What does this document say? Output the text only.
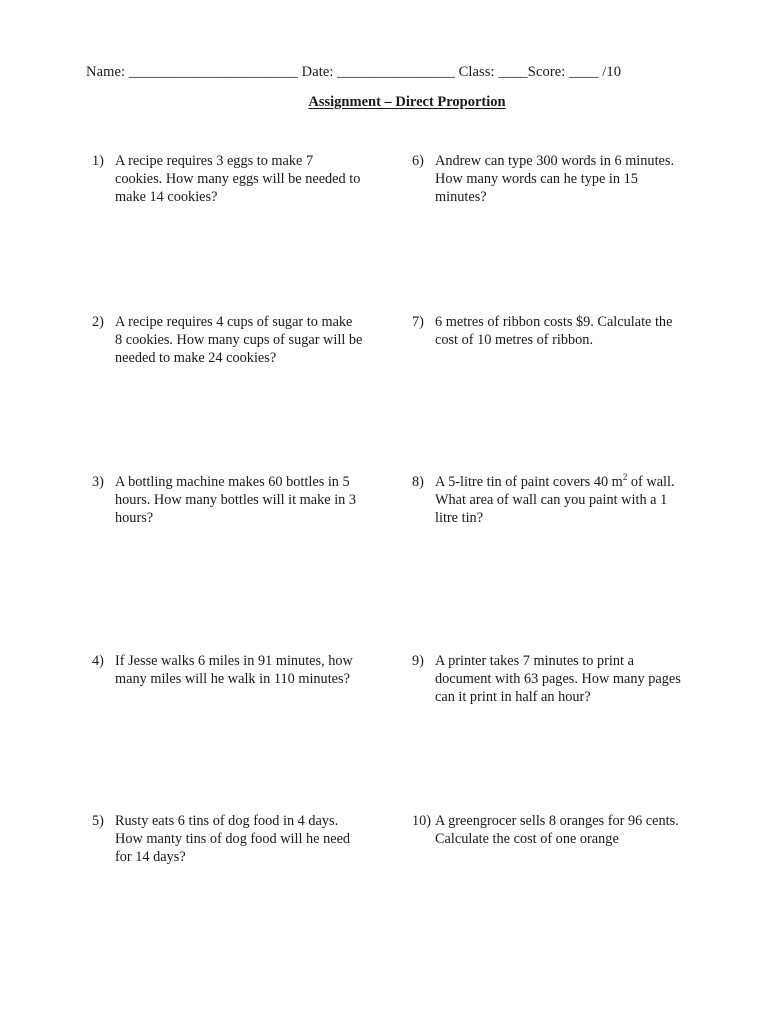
Name: _______________________ Date: ________________ Class: ____Score: ____ /10
Assignment – Direct Proportion
1) A recipe requires 3 eggs to make 7
cookies. How many eggs will be needed to
make 14 cookies?
2) A recipe requires 4 cups of sugar to make
8 cookies. How many cups of sugar will be
needed to make 24 cookies?
3) A bottling machine makes 60 bottles in 5
hours. How many bottles will it make in 3
hours?
4) If Jesse walks 6 miles in 91 minutes, how
many miles will he walk in 110 minutes?
5) Rusty eats 6 tins of dog food in 4 days.
How manty tins of dog food will he need
for 14 days?
6) Andrew can type 300 words in 6 minutes.
How many words can he type in 15
minutes?
7) 6 metres of ribbon costs $9. Calculate the
cost of 10 metres of ribbon.
8) A 5-litre tin of paint covers 40 $m^2$ of wall.
What area of wall can you paint with a 1
litre tin?
9) A printer takes 7 minutes to print a
document with 63 pages. How many pages
can it print in half an hour?
10) A greengrocer sells 8 oranges for 96 cents.
Calculate the cost of one orange
